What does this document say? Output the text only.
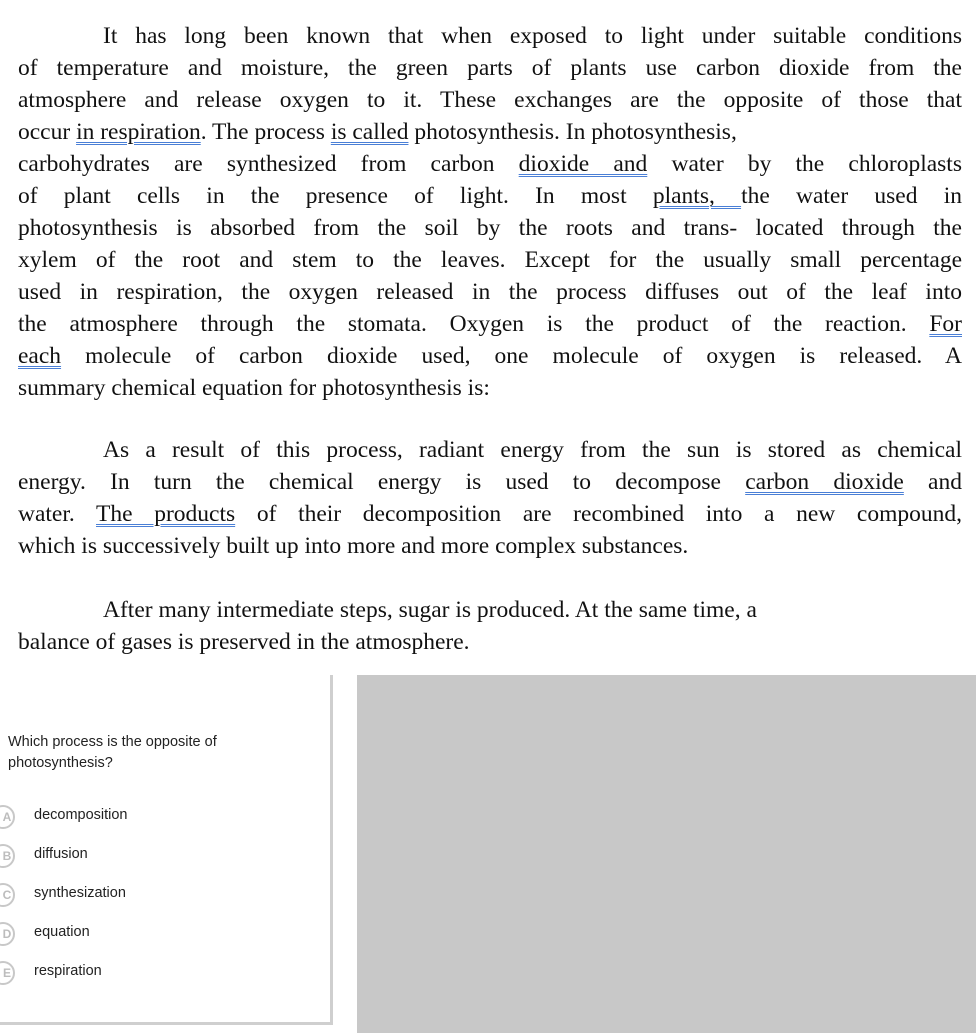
It has long been known that when exposed to light under suitable conditions
of temperature and moisture, the green parts of plants use carbon dioxide from the
atmosphere and release oxygen to it. These exchanges are the opposite of those that
occur in respiration. The process is called photosynthesis. In photosynthesis,
carbohydrates are synthesized from carbon dioxide and water by the chloroplasts
of plant cells in the presence of light. In most plants, the water used in
photosynthesis is absorbed from the soil by the roots and trans- located through the
xylem of the root and stem to the leaves. Except for the usually small percentage
used in respiration, the oxygen released in the process diffuses out of the leaf into
the atmosphere through the stomata. Oxygen is the product of the reaction. For
each molecule of carbon dioxide used, one molecule of oxygen is released. A
summary chemical equation for photosynthesis is:
As a result of this process, radiant energy from the sun is stored as chemical
energy. In turn the chemical energy is used to decompose carbon dioxide and
water. The products of their decomposition are recombined into a new compound,
which is successively built up into more and more complex substances.
After many intermediate steps, sugar is produced. At the same time, a
balance of gases is preserved in the atmosphere.
Which process is the opposite of photosynthesis?
A decomposition
B diffusion
C synthesization
D equation
E respiration
